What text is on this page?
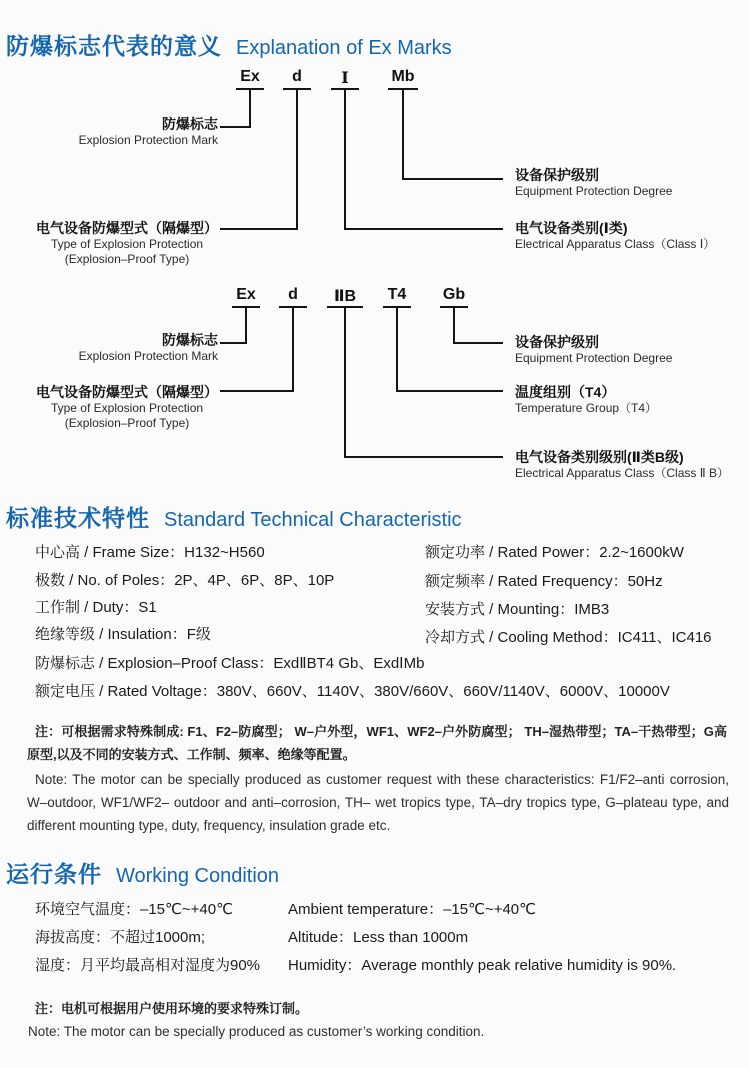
防爆标志代表的意义 Explanation of Ex Marks
Ex	d	Ⅰ	Mb
防爆标志
Explosion Protection Mark
电气设备防爆型式（隔爆型）
Type of Explosion Protection
(Explosion–Proof Type)
设备保护级别
Equipment Protection Degree
电气设备类别(Ⅰ类)
Electrical Apparatus Class（Class Ⅰ）
Ex	d	ⅡB	T4	Gb
防爆标志
Explosion Protection Mark
电气设备防爆型式（隔爆型）
Type of Explosion Protection
(Explosion–Proof Type)
设备保护级别
Equipment Protection Degree
温度组别（T4）
Temperature Group（T4）
电气设备类别级别(Ⅱ类B级)
Electrical Apparatus Class（Class Ⅱ B）
标准技术特性 Standard Technical Characteristic
中心高 / Frame Size：H132~H560
极数 / No. of Poles：2P、4P、6P、8P、10P
工作制 / Duty：S1
绝缘等级 / Insulation：F级
额定功率 / Rated Power：2.2~1600kW
额定频率 / Rated Frequency：50Hz
安装方式 / Mounting：IMB3
冷却方式 / Cooling Method：IC411、IC416
防爆标志 / Explosion–Proof Class：ExdⅡBT4 Gb、ExdⅠMb
额定电压 / Rated Voltage：380V、660V、1140V、380V/660V、660V/1140V、6000V、10000V
注：可根据需求特殊制成: F1、F2–防腐型； W–户外型，WF1、WF2–户外防腐型； TH–湿热带型；TA–干热带型；G高原型,以及不同的安装方式、工作制、频率、绝缘等配置。
Note: The motor can be specially produced as customer request with these characteristics: F1/F2–anti corrosion, W–outdoor, WF1/WF2– outdoor and anti–corrosion, TH– wet tropics type, TA–dry tropics type, G–plateau type, and different mounting type, duty, frequency, insulation grade etc.
运行条件 Working Condition
环境空气温度：–15℃~+40℃	Ambient temperature：–15℃~+40℃
海拔高度：不超过1000m;	Altitude：Less than 1000m
湿度：月平均最高相对湿度为90% Humidity：Average monthly peak relative humidity is 90%.
注：电机可根据用户使用环境的要求特殊订制。
Note: The motor can be specially produced as customer’s working condition.
